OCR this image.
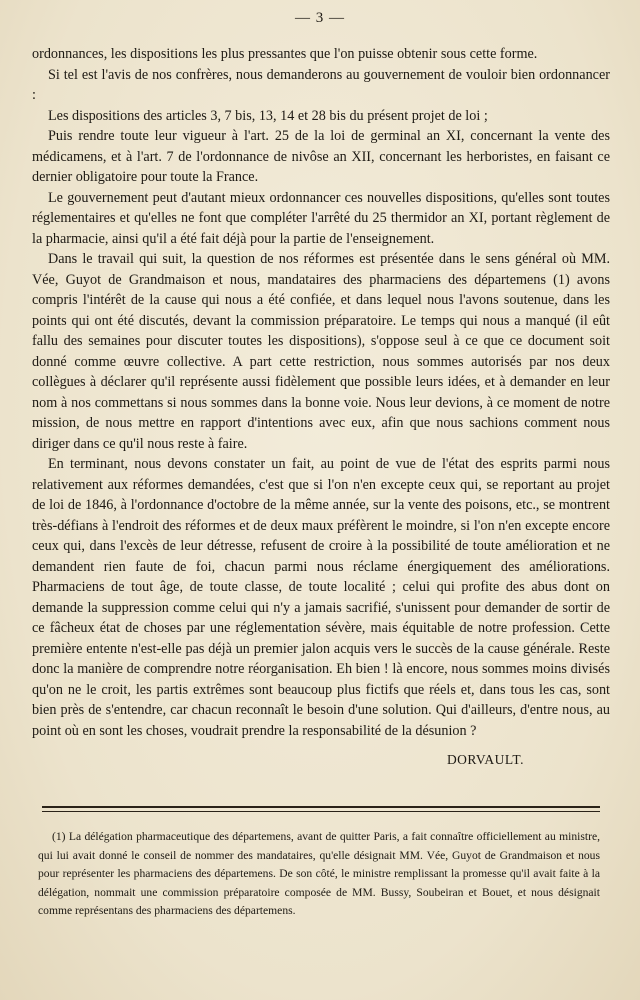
— 3 —

ordonnances, les dispositions les plus pressantes que l'on puisse obtenir sous cette forme.

Si tel est l'avis de nos confrères, nous demanderons au gouvernement de vouloir bien ordonnancer :

Les dispositions des articles 3, 7 bis, 13, 14 et 28 bis du présent projet de loi ;

Puis rendre toute leur vigueur à l'art. 25 de la loi de germinal an XI, concernant la vente des médicamens, et à l'art. 7 de l'ordonnance de nivôse an XII, concernant les herboristes, en faisant ce dernier obligatoire pour toute la France.

Le gouvernement peut d'autant mieux ordonnancer ces nouvelles dispositions, qu'elles sont toutes réglementaires et qu'elles ne font que compléter l'arrêté du 25 thermidor an XI, portant règlement de la pharmacie, ainsi qu'il a été fait déjà pour la partie de l'enseignement.

Dans le travail qui suit, la question de nos réformes est présentée dans le sens général où MM. Vée, Guyot de Grandmaison et nous, mandataires des pharmaciens des départemens (1) avons compris l'intérêt de la cause qui nous a été confiée, et dans lequel nous l'avons soutenue, dans les points qui ont été discutés, devant la commission préparatoire. Le temps qui nous a manqué (il eût fallu des semaines pour discuter toutes les dispositions), s'oppose seul à ce que ce document soit donné comme œuvre collective. A part cette restriction, nous sommes autorisés par nos deux collègues à déclarer qu'il représente aussi fidèlement que possible leurs idées, et à demander en leur nom à nos commettans si nous sommes dans la bonne voie. Nous leur devions, à ce moment de notre mission, de nous mettre en rapport d'intentions avec eux, afin que nous sachions comment nous diriger dans ce qu'il nous reste à faire.

En terminant, nous devons constater un fait, au point de vue de l'état des esprits parmi nous relativement aux réformes demandées, c'est que si l'on n'en excepte ceux qui, se reportant au projet de loi de 1846, à l'ordonnance d'octobre de la même année, sur la vente des poisons, etc., se montrent très-défians à l'endroit des réformes et de deux maux préfèrent le moindre, si l'on n'en excepte encore ceux qui, dans l'excès de leur détresse, refusent de croire à la possibilité de toute amélioration et ne demandent rien faute de foi, chacun parmi nous réclame énergiquement des améliorations. Pharmaciens de tout âge, de toute classe, de toute localité ; celui qui profite des abus dont on demande la suppression comme celui qui n'y a jamais sacrifié, s'unissent pour demander de sortir de ce fâcheux état de choses par une réglementation sévère, mais équitable de notre profession. Cette première entente n'est-elle pas déjà un premier jalon acquis vers le succès de la cause générale. Reste donc la manière de comprendre notre réorganisation. Eh bien ! là encore, nous sommes moins divisés qu'on ne le croit, les partis extrêmes sont beaucoup plus fictifs que réels et, dans tous les cas, sont bien près de s'entendre, car chacun reconnaît le besoin d'une solution. Qui d'ailleurs, d'entre nous, au point où en sont les choses, voudrait prendre la responsabilité de la désunion ?

DORVAULT.

(1) La délégation pharmaceutique des départemens, avant de quitter Paris, a fait connaître officiellement au ministre, qui lui avait donné le conseil de nommer des mandataires, qu'elle désignait MM. Vée, Guyot de Grandmaison et nous pour représenter les pharmaciens des départemens. De son côté, le ministre remplissant la promesse qu'il avait faite à la délégation, nommait une commission préparatoire composée de MM. Bussy, Soubeiran et Bouet, et nous désignait comme représentans des pharmaciens des départemens.
